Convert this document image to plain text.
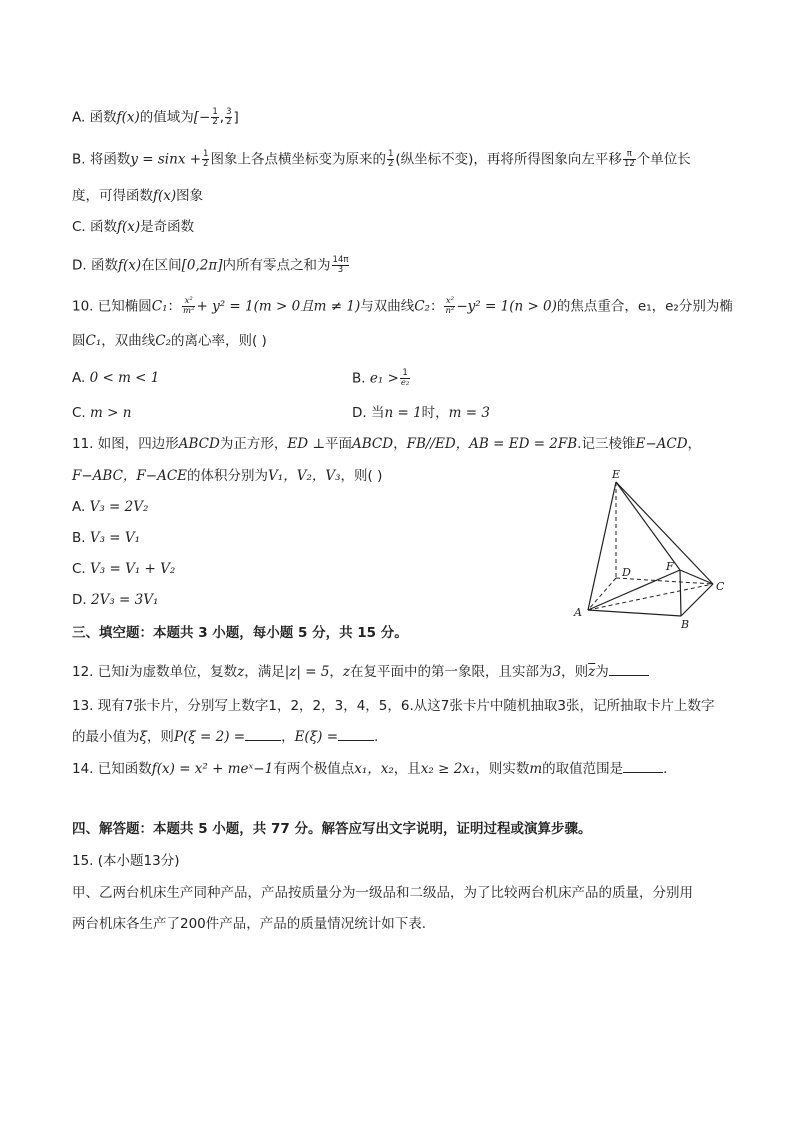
A. 函数f(x)的值域为[− $\frac{1}{2}$ , $\frac{3}{2}$ ]
B. 将函数$y = \sin x + \frac{1}{2}$ 图象上各点横坐标变为原来的 $\frac{1}{2}$ (纵坐标不变)，再将所得图象向左平移 $\frac{\pi}{12}$ 个单位长
度，可得函数f(x)图象
C. 函数f(x)是奇函数
D. 函数f(x)在区间[0,2π]内所有零点之和为 $\frac{14\pi}{3}$
10. 已知椭圆C₁： $\frac{\text{x²}}{\text{m²}} + y^2 = 1(m > 0$且m ≠ 1)与双曲线C₂： $\frac{\text{x²}}{\text{n²}} -y^2 = 1(n > 0)$的焦点重合，e₁，e₂分别为椭
圆C₁，双曲线C₂的离心率，则( )
A. 0 < m < 1	B. $e_1 > \frac{1}{\text{e₂}}$
C. m > n	D. 当n = 1时，m = 3
11. 如图，四边形ABCD为正方形，ED ⊥平面ABCD，FB//ED，AB = ED = 2FB.记三棱锥E−ACD，
F−ABC，F−ACE的体积分别为V₁，V₂，V₃，则( )
A. V₃ = 2V₂
B. V₃ = V₁
C. V₃ = V₁ + V₂
D. 2V₃ = 3V₁
E
D	F
C
A
B
三、填空题：本题共 3 小题，每小题 5 分，共 15 分。
12. 已知i为虚数单位，复数z，满足|z| = 5，z在复平面中的第一象限，且实部为3，则$\overline{z}$为
13. 现有7张卡片，分别写上数字1，2，2，3，4，5，6.从这7张卡片中随机抽取3张，记所抽取卡片上数字
的最小值为ξ，则P(ξ = 2) =	，E(ξ) =	.
14. 已知函数f(x) = x² + meˣ−1有两个极值点x₁，x₂，且x₂ ≥ 2x₁，则实数m的取值范围是	.
四、解答题：本题共 5 小题，共 77 分。解答应写出文字说明，证明过程或演算步骤。
15. (本小题13分)
甲、乙两台机床生产同种产品，产品按质量分为一级品和二级品，为了比较两台机床产品的质量，分别用
两台机床各生产了200件产品，产品的质量情况统计如下表.
